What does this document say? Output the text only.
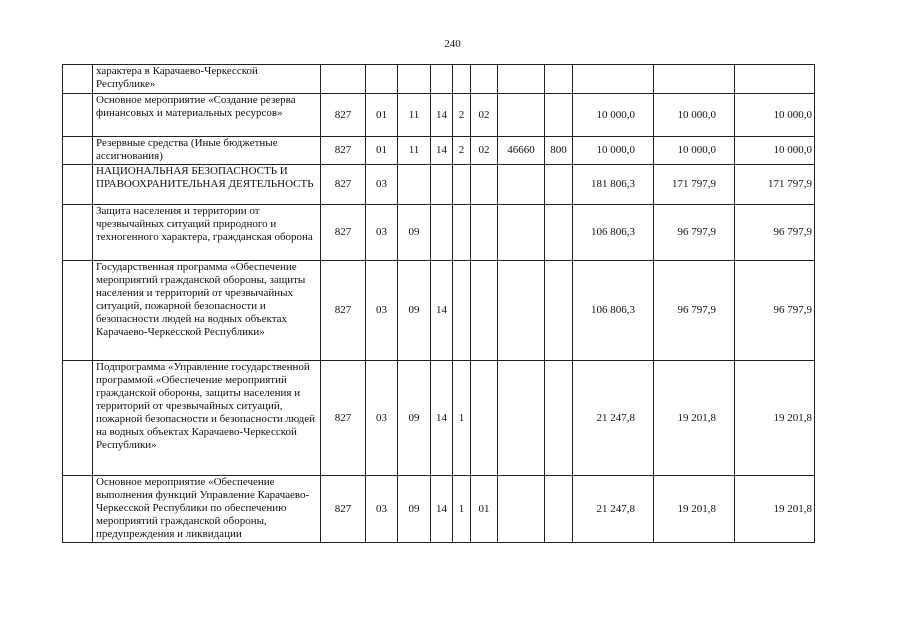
240
	характера в Карачаево-Черкесской Республике»											
	Основное мероприятие «Создание резерва финансовых и материальных ресурсов»	827	01	11	14	2	02			10 000,0	10 000,0	10 000,0
	Резервные средства (Иные бюджетные ассигнования)	827	01	11	14	2	02	46660	800	10 000,0	10 000,0	10 000,0
	НАЦИОНАЛЬНАЯ БЕЗОПАСНОСТЬ И ПРАВООХРАНИТЕЛЬНАЯ ДЕЯТЕЛЬНОСТЬ	827	03							181 806,3	171 797,9	171 797,9
	Защита населения и территории от чрезвычайных ситуаций природного и техногенного характера, гражданская оборона	827	03	09						106 806,3	96 797,9	96 797,9
	Государственная программа «Обеспечение мероприятий гражданской обороны, защиты населения и территорий от чрезвычайных ситуаций, пожарной безопасности и безопасности людей на водных объектах Карачаево-Черкесской Республики»	827	03	09	14					106 806,3	96 797,9	96 797,9
	Подпрограмма «Управление государственной программой «Обеспечение мероприятий гражданской обороны, защиты населения и территорий от чрезвычайных ситуаций, пожарной безопасности и безопасности людей на водных объектах Карачаево-Черкесской Республики»	827	03	09	14	1				21 247,8	19 201,8	19 201,8
	Основное мероприятие «Обеспечение выполнения функций Управление Карачаево-Черкесской Республики по обеспечению мероприятий гражданской обороны, предупреждения и ликвидации	827	03	09	14	1	01			21 247,8	19 201,8	19 201,8
